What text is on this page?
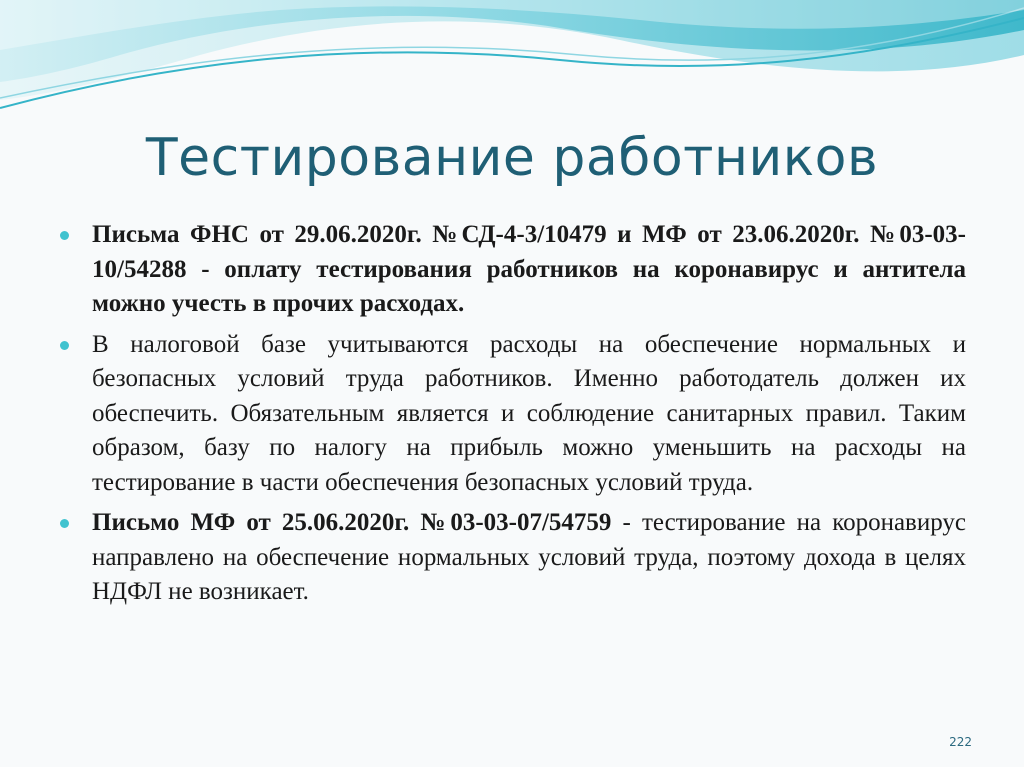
Тестирование работников
Письма ФНС от 29.06.2020г. №СД-4-3/10479 и МФ от 23.06.2020г. №03-03-10/54288 - оплату тестирования работников на коронавирус и антитела можно учесть в прочих расходах.
В налоговой базе учитываются расходы на обеспечение нормальных и безопасных условий труда работников. Именно работодатель должен их обеспечить. Обязательным является и соблюдение санитарных правил. Таким образом, базу по налогу на прибыль можно уменьшить на расходы на тестирование в части обеспечения безопасных условий труда.
Письмо МФ от 25.06.2020г. №03-03-07/54759 - тестирование на коронавирус направлено на обеспечение нормальных условий труда, поэтому дохода в целях НДФЛ не возникает.
222
